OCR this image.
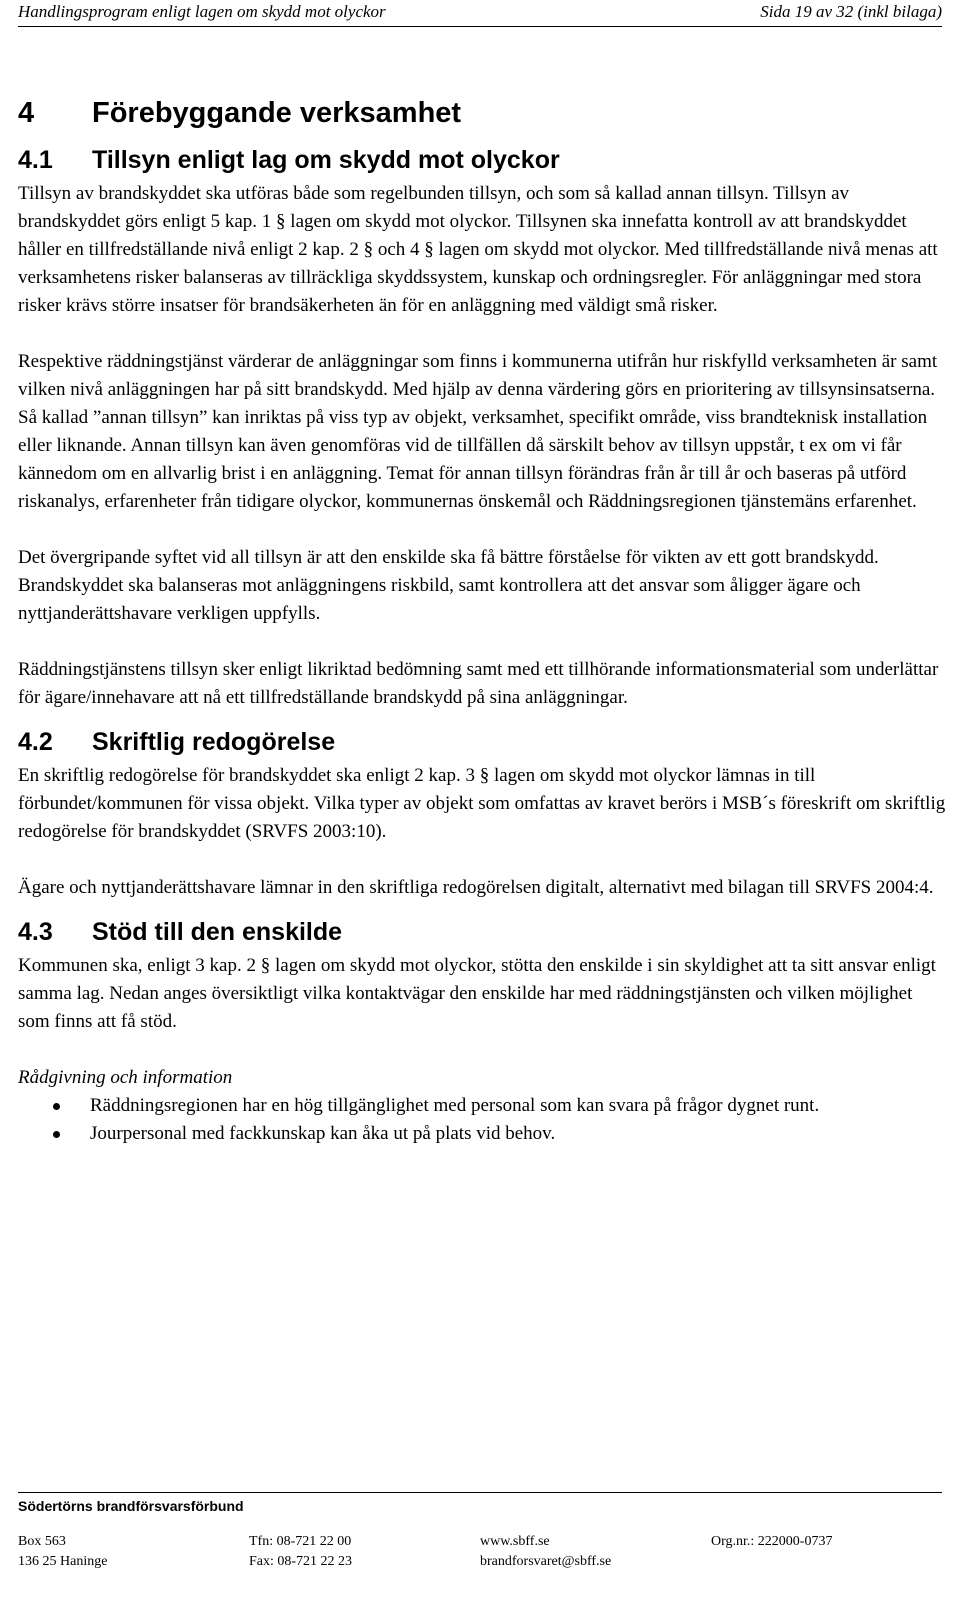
Handlingsprogram enligt lagen om skydd mot olyckor	Sida 19 av 32 (inkl bilaga)
4 Förebyggande verksamhet
4.1 Tillsyn enligt lag om skydd mot olyckor

Tillsyn av brandskyddet ska utföras både som regelbunden tillsyn, och som så kallad annan tillsyn. Tillsyn av brandskyddet görs enligt 5 kap. 1 § lagen om skydd mot olyckor. Tillsynen ska innefatta kontroll av att brandskyddet håller en tillfredställande nivå enligt 2 kap. 2 § och 4 § lagen om skydd mot olyckor. Med tillfredställande nivå menas att verksamhetens risker balanseras av tillräckliga skyddssystem, kunskap och ordningsregler. För anläggningar med stora risker krävs större insatser för brandsäkerheten än för en anläggning med väldigt små risker.

Respektive räddningstjänst värderar de anläggningar som finns i kommunerna utifrån hur riskfylld verksamheten är samt vilken nivå anläggningen har på sitt brandskydd. Med hjälp av denna värdering görs en prioritering av tillsynsinsatserna. Så kallad ”annan tillsyn” kan inriktas på viss typ av objekt, verksamhet, specifikt område, viss brandteknisk installation eller liknande. Annan tillsyn kan även genomföras vid de tillfällen då särskilt behov av tillsyn uppstår, t ex om vi får kännedom om en allvarlig brist i en anläggning. Temat för annan tillsyn förändras från år till år och baseras på utförd riskanalys, erfarenheter från tidigare olyckor, kommunernas önskemål och Räddningsregionen tjänstemäns erfarenhet.

Det övergripande syftet vid all tillsyn är att den enskilde ska få bättre förståelse för vikten av ett gott brandskydd. Brandskyddet ska balanseras mot anläggningens riskbild, samt kontrollera att det ansvar som åligger ägare och nyttjanderättshavare verkligen uppfylls.

Räddningstjänstens tillsyn sker enligt likriktad bedömning samt med ett tillhörande informationsmaterial som underlättar för ägare/innehavare att nå ett tillfredställande brandskydd på sina anläggningar.

4.2 Skriftlig redogörelse

En skriftlig redogörelse för brandskyddet ska enligt 2 kap. 3 § lagen om skydd mot olyckor lämnas in till förbundet/kommunen för vissa objekt. Vilka typer av objekt som omfattas av kravet berörs i MSB´s föreskrift om skriftlig redogörelse för brandskyddet (SRVFS 2003:10).

Ägare och nyttjanderättshavare lämnar in den skriftliga redogörelsen digitalt, alternativt med bilagan till SRVFS 2004:4.

4.3 Stöd till den enskilde

Kommunen ska, enligt 3 kap. 2 § lagen om skydd mot olyckor, stötta den enskilde i sin skyldighet att ta sitt ansvar enligt samma lag. Nedan anges översiktligt vilka kontaktvägar den enskilde har med räddningstjänsten och vilken möjlighet som finns att få stöd.

Rådgivning och information

Räddningsregionen har en hög tillgänglighet med personal som kan svara på frågor dygnet runt.
Jourpersonal med fackkunskap kan åka ut på plats vid behov.
Södertörns brandförsvarsförbund
Box 563	Tfn: 08-721 22 00	www.sbff.se	Org.nr.: 222000-0737
136 25 Haninge	Fax: 08-721 22 23	brandforsvaret@sbff.se
